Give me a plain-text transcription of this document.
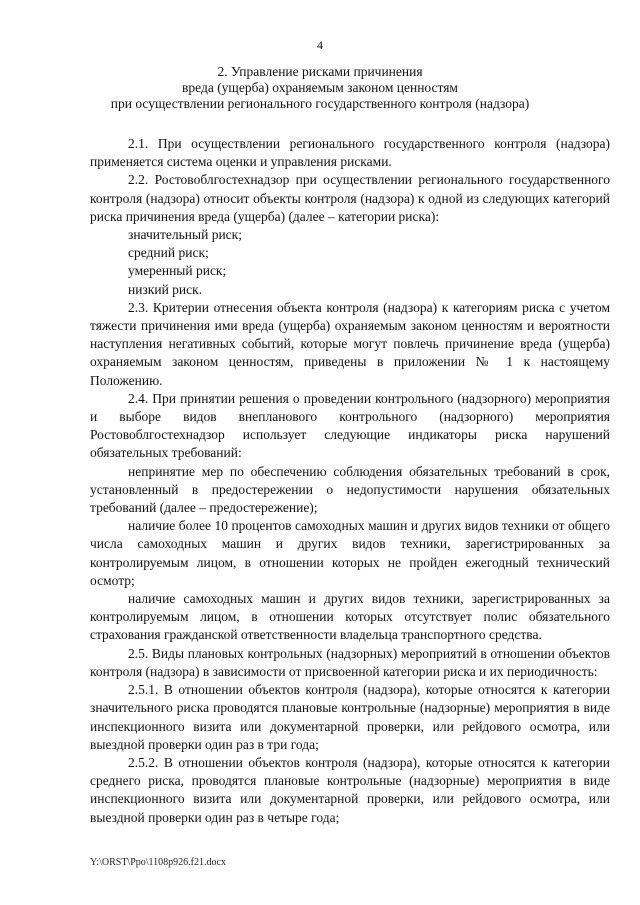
4
2. Управление рисками причинения
вреда (ущерба) охраняемым законом ценностям
при осуществлении регионального государственного контроля (надзора)

2.1. При осуществлении регионального государственного контроля (надзора) применяется система оценки и управления рисками.

2.2. Ростовоблгостехнадзор при осуществлении регионального государственного контроля (надзора) относит объекты контроля (надзора) к одной из следующих категорий риска причинения вреда (ущерба) (далее – категории риска):

значительный риск;

средний риск;

умеренный риск;

низкий риск.

2.3. Критерии отнесения объекта контроля (надзора) к категориям риска с учетом тяжести причинения ими вреда (ущерба) охраняемым законом ценностям и вероятности наступления негативных событий, которые могут повлечь причинение вреда (ущерба) охраняемым законом ценностям, приведены в приложении № 1 к настоящему Положению.

2.4. При принятии решения о проведении контрольного (надзорного) мероприятия и выборе видов внепланового контрольного (надзорного) мероприятия Ростовоблгостехнадзор использует следующие индикаторы риска нарушений обязательных требований:

непринятие мер по обеспечению соблюдения обязательных требований в срок, установленный в предостережении о недопустимости нарушения обязательных требований (далее – предостережение);

наличие более 10 процентов самоходных машин и других видов техники от общего числа самоходных машин и других видов техники, зарегистрированных за контролируемым лицом, в отношении которых не пройден ежегодный технический осмотр;

наличие самоходных машин и других видов техники, зарегистрированных за контролируемым лицом, в отношении которых отсутствует полис обязательного страхования гражданской ответственности владельца транспортного средства.

2.5. Виды плановых контрольных (надзорных) мероприятий в отношении объектов контроля (надзора) в зависимости от присвоенной категории риска и их периодичность:

2.5.1. В отношении объектов контроля (надзора), которые относятся к категории значительного риска проводятся плановые контрольные (надзорные) мероприятия в виде инспекционного визита или документарной проверки, или рейдового осмотра, или выездной проверки один раз в три года;

2.5.2. В отношении объектов контроля (надзора), которые относятся к категории среднего риска, проводятся плановые контрольные (надзорные) мероприятия в виде инспекционного визита или документарной проверки, или рейдового осмотра, или выездной проверки один раз в четыре года;

Y:\ORST\Ppo\1108p926.f21.docx
